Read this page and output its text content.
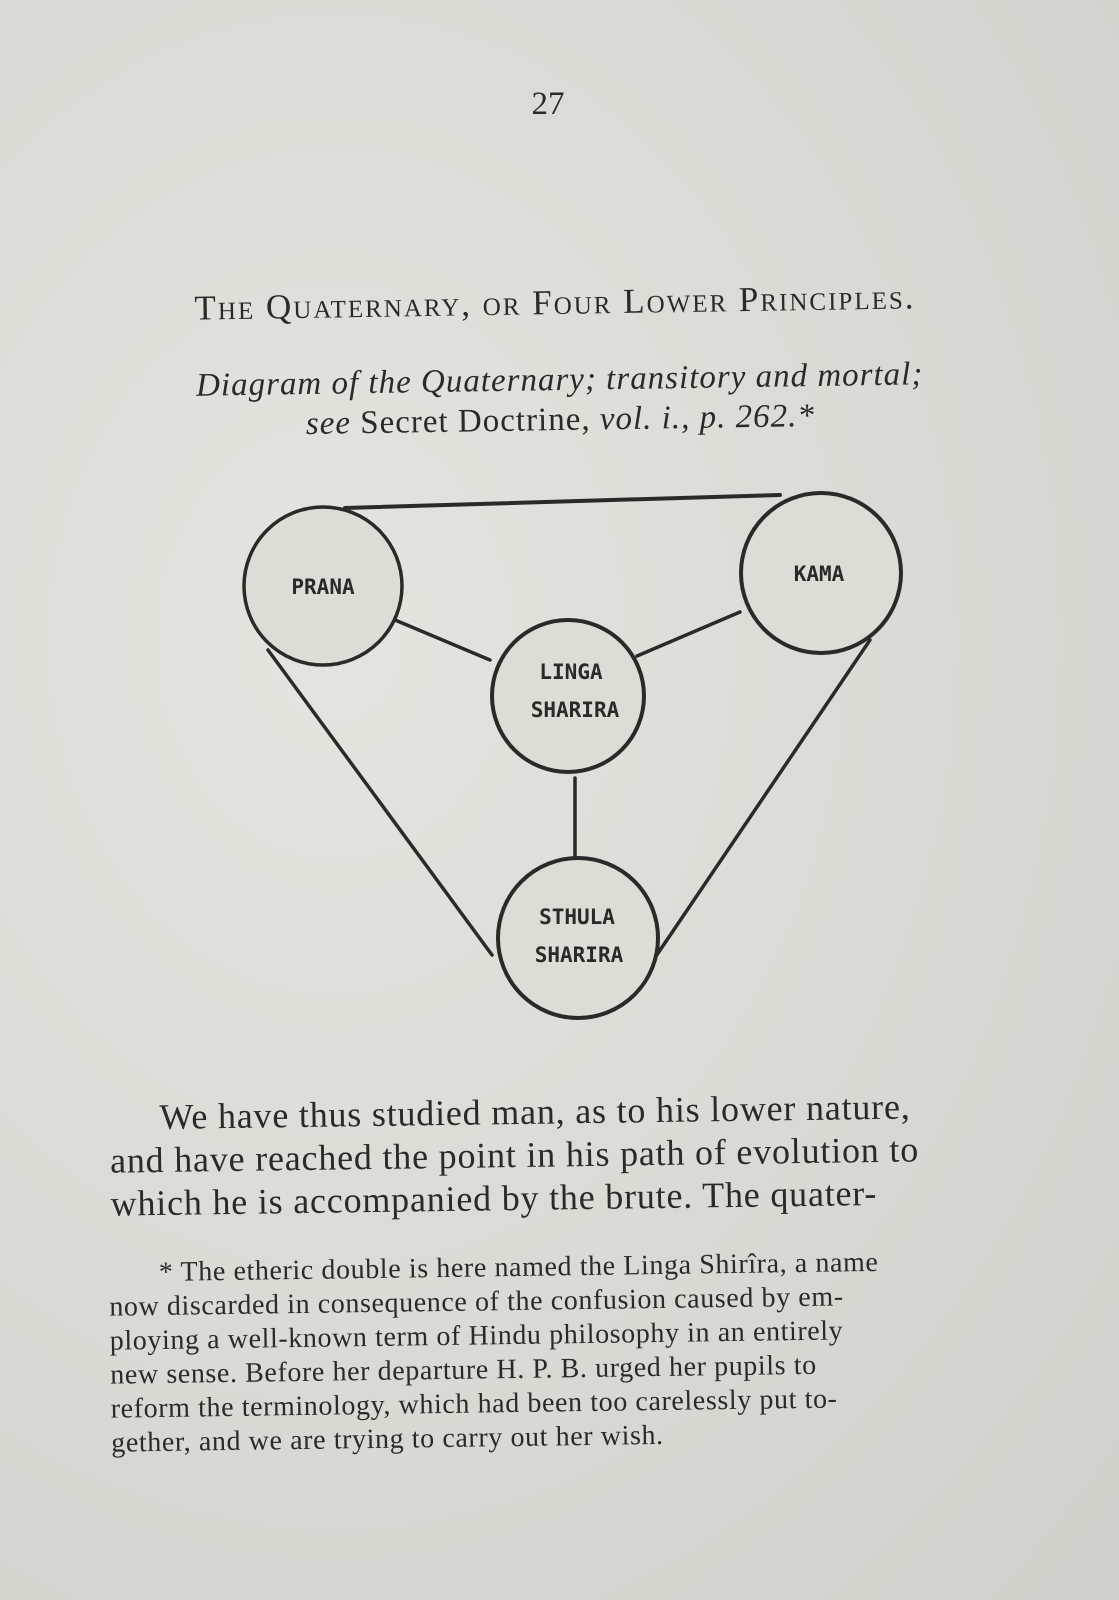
27
The Quaternary, or Four Lower Principles.
Diagram of the Quaternary; transitory and mortal;
see Secret Doctrine, vol. i., p. 262.*
PRANA
KAMA
LINGA
SHARIRA
STHULA
SHARIRA
We have thus studied man, as to his lower nature,
and have reached the point in his path of evolution to
which he is accompanied by the brute. The quater-
* The etheric double is here named the Linga Shirîra, a name
now discarded in consequence of the confusion caused by em-
ploying a well-known term of Hindu philosophy in an entirely
new sense. Before her departure H. P. B. urged her pupils to
reform the terminology, which had been too carelessly put to-
gether, and we are trying to carry out her wish.
